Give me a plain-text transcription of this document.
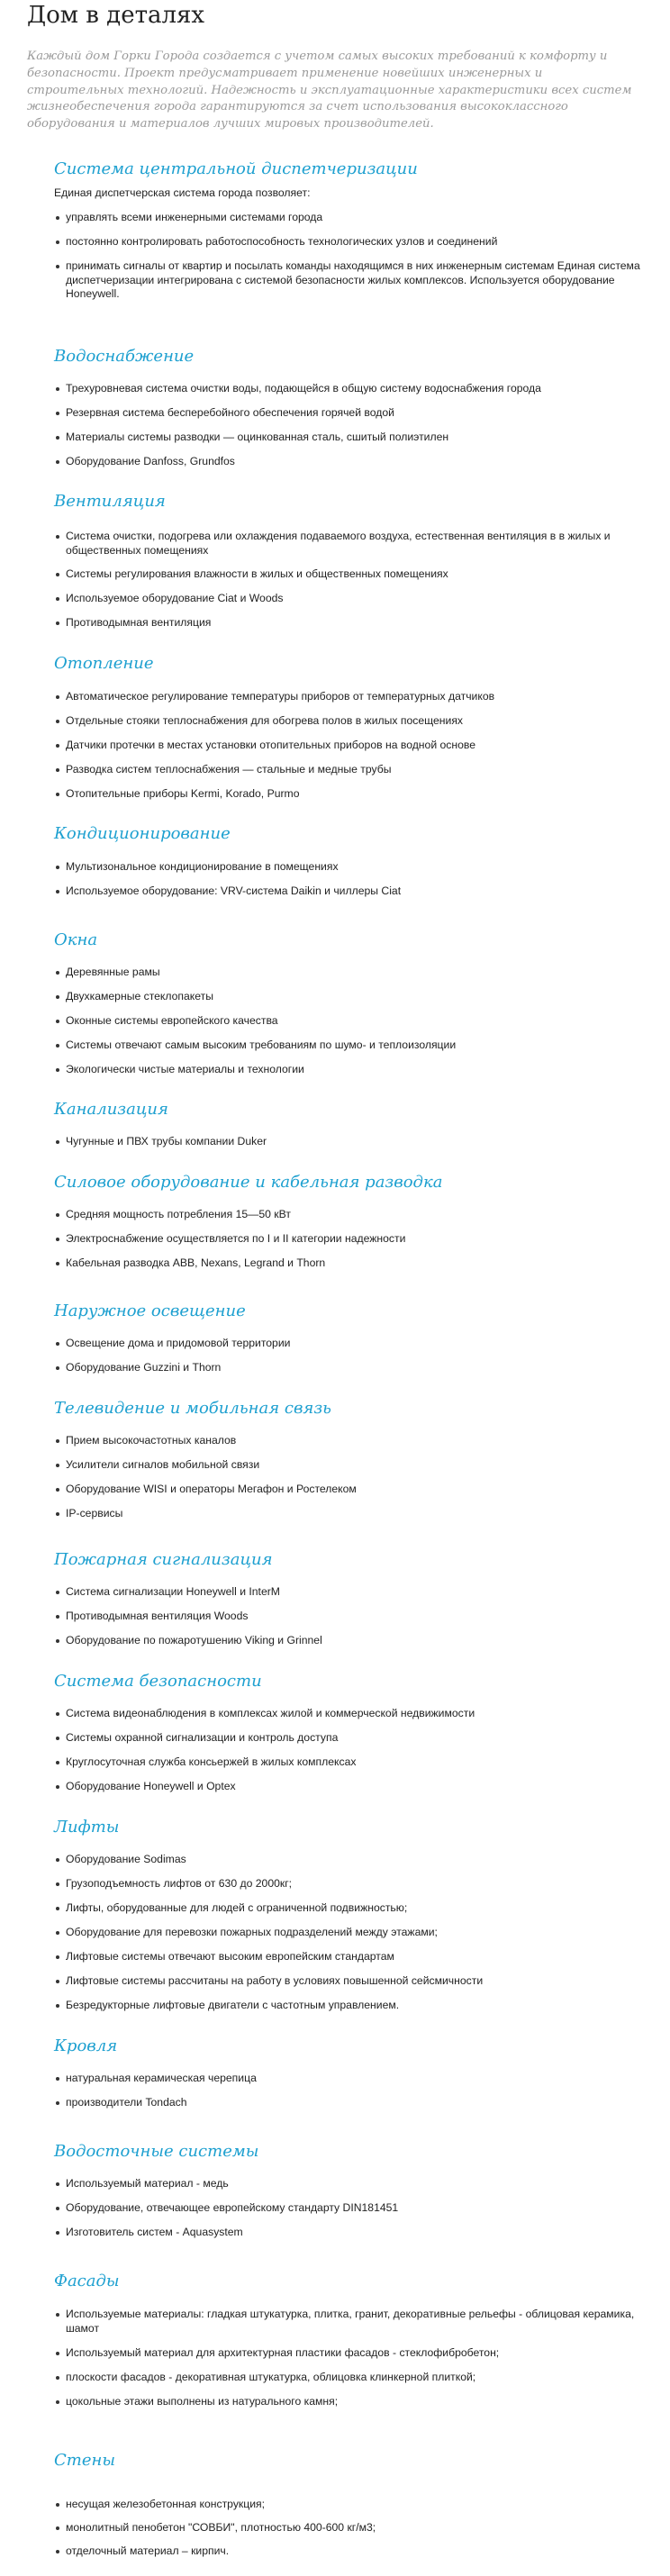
Дом в деталях

Каждый дом Горки Города создается с учетом самых высоких требований к комфорту и безопасности. Проект предусматривает применение новейших инженерных и строительных технологий. Надежность и эксплуатационные характеристики всех систем жизнеобеспечения города гарантируются за счет использования высококлассного оборудования и материалов лучших мировых производителей.

Система центральной диспетчеризации

Единая диспетчерская система города позволяет:

управлять всеми инженерными системами города

постоянно контролировать работоспособность технологических узлов и соединений

принимать сигналы от квартир и посылать команды находящимся в них инженерным системам Единая система диспетчеризации интегрирована с системой безопасности жилых комплексов. Используется оборудование Honeywell.

Водоснабжение

Трехуровневая система очистки воды, подающейся в общую систему водоснабжения города

Резервная система бесперебойного обеспечения горячей водой

Материалы системы разводки — оцинкованная сталь, сшитый полиэтилен

Оборудование Danfoss, Grundfos

Вентиляция

Система очистки, подогрева или охлаждения подаваемого воздуха, естественная вентиляция в в жилых и общественных помещениях

Системы регулирования влажности в жилых и общественных помещениях

Используемое оборудование Ciat и Woods

Противодымная вентиляция

Отопление

Автоматическое регулирование температуры приборов от температурных датчиков

Отдельные стояки теплоснабжения для обогрева полов в жилых посещениях

Датчики протечки в местах установки отопительных приборов на водной основе

Разводка систем теплоснабжения — стальные и медные трубы

Отопительные приборы Kermi, Korado, Purmo

Кондиционирование

Мультизональное кондиционирование в помещениях

Используемое оборудование: VRV-система Daikin и чиллеры Ciat

Окна

Деревянные рамы

Двухкамерные стеклопакеты

Оконные системы европейского качества

Системы отвечают самым высоким требованиям по шумо- и теплоизоляции

Экологически чистые материалы и технологии

Канализация

Чугунные и ПВХ трубы компании Duker

Силовое оборудование и кабельная разводка

Средняя мощность потребления 15—50 кВт

Электроснабжение осуществляется по I и II категории надежности

Кабельная разводка ABB, Nexans, Legrand и Thorn

Наружное освещение

Освещение дома и придомовой территории

Оборудование Guzzini и Thorn

Телевидение и мобильная связь

Прием высокочастотных каналов

Усилители сигналов мобильной связи

Оборудование WISI и операторы Мегафон и Ростелеком

IP-сервисы

Пожарная сигнализация

Система сигнализации Honeywell и InterM

Противодымная вентиляция Woods

Оборудование по пожаротушению Viking и Grinnel

Система безопасности

Система видеонаблюдения в комплексах жилой и коммерческой недвижимости

Системы охранной сигнализации и контроль доступа

Круглосуточная служба консьержей в жилых комплексах

Оборудование Honeywell и Optex

Лифты

Оборудование Sodimas

Грузоподъемность лифтов от 630 до 2000кг;

Лифты, оборудованные для людей с ограниченной подвижностью;

Оборудование для перевозки пожарных подразделений между этажами;

Лифтовые системы отвечают высоким европейским стандартам

Лифтовые системы рассчитаны на работу в условиях повышенной сейсмичности

Безредукторные лифтовые двигатели с частотным управлением.

Кровля

натуральная керамическая черепица

производители Tondach

Водосточные системы

Используемый материал - медь

Оборудование, отвечающее европейскому стандарту DIN181451

Изготовитель систем - Aquasystem

Фасады

Используемые материалы: гладкая штукатурка, плитка, гранит, декоративные рельефы - облицовая керамика, шамот

Используемый материал для архитектурная пластики фасадов - стеклофибробетон;

плоскости фасадов - декоративная штукатурка, облицовка клинкерной плиткой;

цокольные этажи выполнены из натурального камня;

Стены

несущая железобетонная конструкция;

монолитный пенобетон "СОВБИ", плотностью 400-600 кг/м3;

отделочный материал – кирпич.
